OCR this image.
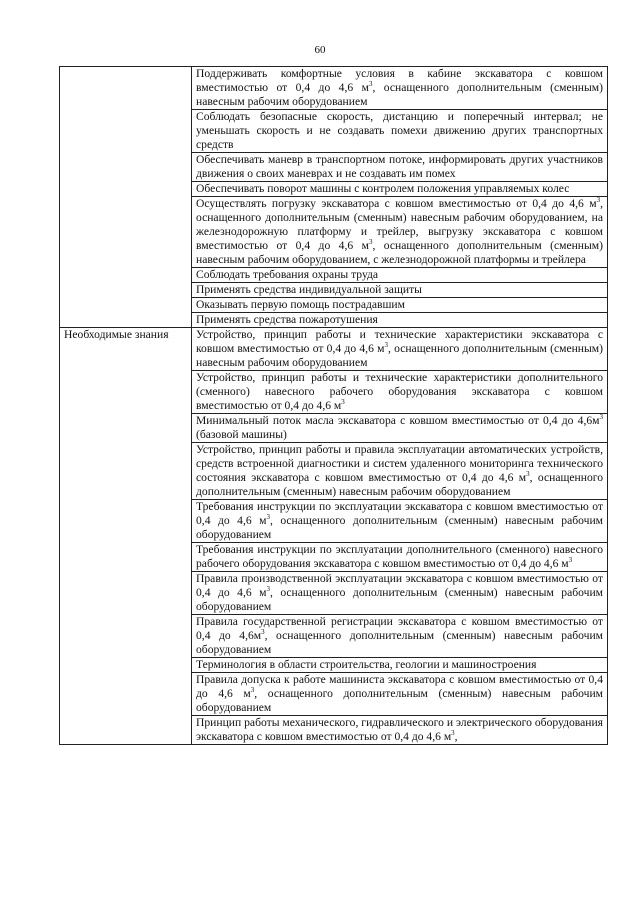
60

	Поддерживать комфортные условия в кабине экскаватора с ковшом вместимостью от 0,4 до 4,6 $м^3$, оснащенного дополнительным (сменным) навесным рабочим оборудованием

	Соблюдать безопасные скорость, дистанцию и поперечный интервал; не уменьшать скорость и не создавать помехи движению других транспортных средств

	Обеспечивать маневр в транспортном потоке, информировать других участников движения о своих маневрах и не создавать им помех

	Обеспечивать поворот машины с контролем положения управляемых колес

	Осуществлять погрузку экскаватора с ковшом вместимостью от 0,4 до 4,6 $м^3$, оснащенного дополнительным (сменным) навесным рабочим оборудованием, на железнодорожную платформу и трейлер, выгрузку экскаватора с ковшом вместимостью от 0,4 до 4,6 $м^3$, оснащенного дополнительным (сменным) навесным рабочим оборудованием, с железнодорожной платформы и трейлера

	Соблюдать требования охраны труда

	Применять средства индивидуальной защиты

	Оказывать первую помощь пострадавшим

	Применять средства пожаротушения

Необходимые знания	Устройство, принцип работы и технические характеристики экскаватора с ковшом вместимостью от 0,4 до 4,6 $м^3$, оснащенного дополнительным (сменным) навесным рабочим оборудованием

	Устройство, принцип работы и технические характеристики дополнительного (сменного) навесного рабочего оборудования экскаватора с ковшом вместимостью от 0,4 до 4,6 $м^3$

	Минимальный поток масла экскаватора с ковшом вместимостью от 0,4 до $4,6м^3$ (базовой машины)

	Устройство, принцип работы и правила эксплуатации автоматических устройств, средств встроенной диагностики и систем удаленного мониторинга технического состояния экскаватора с ковшом вместимостью от 0,4 до 4,6 $м^3$, оснащенного дополнительным (сменным) навесным рабочим оборудованием

	Требования инструкции по эксплуатации экскаватора с ковшом вместимостью от 0,4 до 4,6 $м^3$, оснащенного дополнительным (сменным) навесным рабочим оборудованием

	Требования инструкции по эксплуатации дополнительного (сменного) навесного рабочего оборудования экскаватора с ковшом вместимостью от 0,4 до 4,6 $м^3$

	Правила производственной эксплуатации экскаватора с ковшом вместимостью от 0,4 до 4,6 $м^3$, оснащенного дополнительным (сменным) навесным рабочим оборудованием

	Правила государственной регистрации экскаватора с ковшом вместимостью от 0,4 до $4,6м^3$, оснащенного дополнительным (сменным) навесным рабочим оборудованием

	Терминология в области строительства, геологии и машиностроения

	Правила допуска к работе машиниста экскаватора с ковшом вместимостью от 0,4 до 4,6 $м^3$, оснащенного дополнительным (сменным) навесным рабочим оборудованием

	Принцип работы механического, гидравлического и электрического оборудования экскаватора с ковшом вместимостью от 0,4 до 4,6 $м^3$,
